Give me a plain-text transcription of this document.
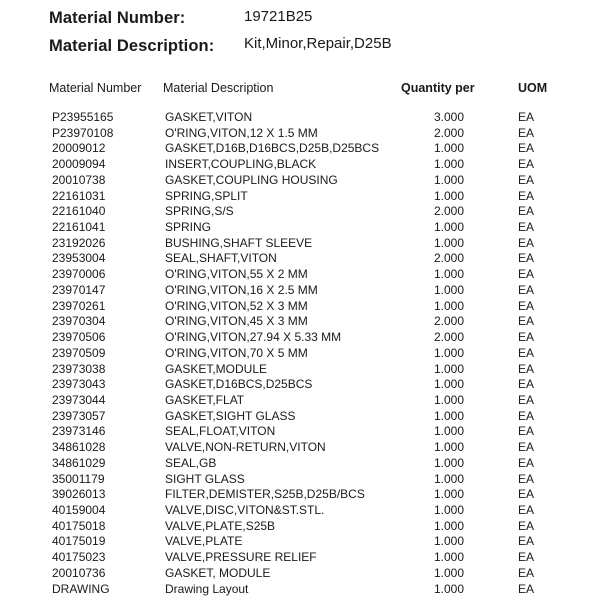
Material Number:	19721B25
Material Description: Kit,Minor,Repair,D25B
Material Number Material Description	Quantity per	UOM
P23955165	GASKET,VITON	3.000	EA
P23970108	O'RING,VITON,12 X 1.5 MM	2.000	EA
20009012	GASKET,D16B,D16BCS,D25B,D25BCS	1.000	EA
20009094	INSERT,COUPLING,BLACK	1.000	EA
20010738	GASKET,COUPLING HOUSING	1.000	EA
22161031	SPRING,SPLIT	1.000	EA
22161040	SPRING,S/S	2.000	EA
22161041	SPRING	1.000	EA
23192026	BUSHING,SHAFT SLEEVE	1.000	EA
23953004	SEAL,SHAFT,VITON	2.000	EA
23970006	O'RING,VITON,55 X 2 MM	1.000	EA
23970147	O'RING,VITON,16 X 2.5 MM	1.000	EA
23970261	O'RING,VITON,52 X 3 MM	1.000	EA
23970304	O'RING,VITON,45 X 3 MM	2.000	EA
23970506	O'RING,VITON,27.94 X 5.33 MM	2.000	EA
23970509	O'RING,VITON,70 X 5 MM	1.000	EA
23973038	GASKET,MODULE	1.000	EA
23973043	GASKET,D16BCS,D25BCS	1.000	EA
23973044	GASKET,FLAT	1.000	EA
23973057	GASKET,SIGHT GLASS	1.000	EA
23973146	SEAL,FLOAT,VITON	1.000	EA
34861028	VALVE,NON-RETURN,VITON	1.000	EA
34861029	SEAL,GB	1.000	EA
35001179	SIGHT GLASS	1.000	EA
39026013	FILTER,DEMISTER,S25B,D25B/BCS	1.000	EA
40159004	VALVE,DISC,VITON&ST.STL.	1.000	EA
40175018	VALVE,PLATE,S25B	1.000	EA
40175019	VALVE,PLATE	1.000	EA
40175023	VALVE,PRESSURE RELIEF	1.000	EA
20010736	GASKET, MODULE	1.000	EA
DRAWING	Drawing Layout	1.000	EA
